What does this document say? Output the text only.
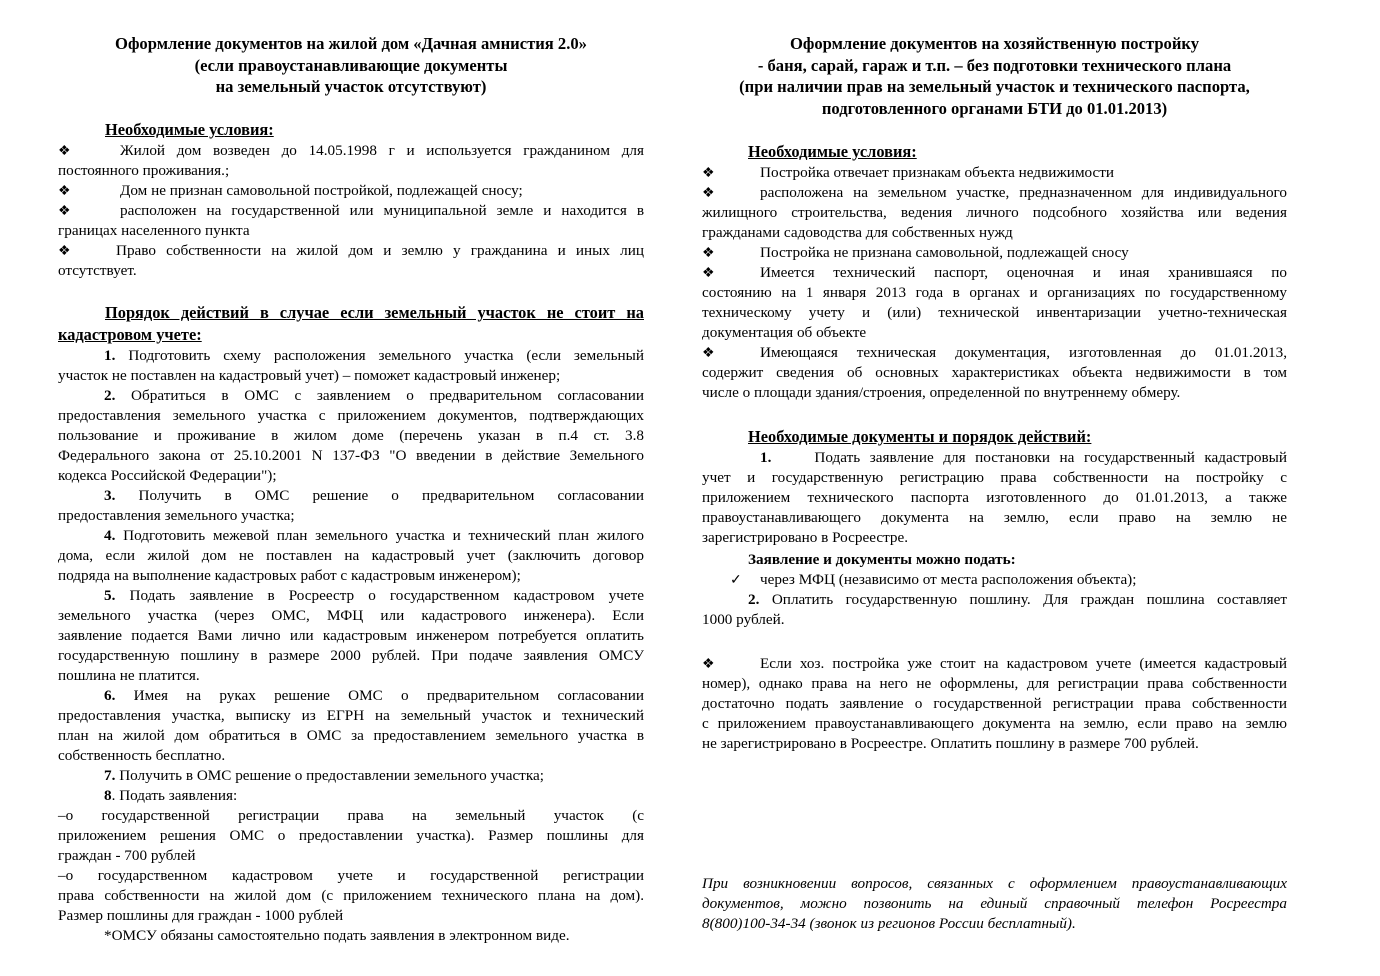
Оформление документов на жилой дом «Дачная амнистия 2.0»
(если правоустанавливающие документы
на земельный участок отсутствуют)
Необходимые условия:
❖	Жилой дом возведен до 14.05.1998 г и используется гражданином для
постоянного проживания.;
❖	Дом не признан самовольной постройкой, подлежащей сносу;
❖	расположен на государственной или муниципальной земле и находится в
границах населенного пункта
❖	Право собственности на жилой дом и землю у гражданина и иных лиц
отсутствует.
Порядок действий в случае если земельный участок не стоит на
кадастровом учете:
1. Подготовить схему расположения земельного участка (если земельный
участок не поставлен на кадастровый учет) – поможет кадастровый инженер;
2. Обратиться в ОМС с заявлением о предварительном согласовании
предоставления земельного участка с приложением документов, подтверждающих
пользование и проживание в жилом доме (перечень указан в п.4 ст. 3.8
Федерального закона от 25.10.2001 N 137-ФЗ "О введении в действие Земельного
кодекса Российской Федерации");
3. Получить в ОМС решение о предварительном согласовании
предоставления земельного участка;
4. Подготовить межевой план земельного участка и технический план жилого
дома, если жилой дом не поставлен на кадастровый учет (заключить договор
подряда на выполнение кадастровых работ с кадастровым инженером);
5. Подать заявление в Росреестр о государственном кадастровом учете
земельного участка (через ОМС, МФЦ или кадастрового инженера). Если
заявление подается Вами лично или кадастровым инженером потребуется оплатить
государственную пошлину в размере 2000 рублей. При подаче заявления ОМСУ
пошлина не платится.
6. Имея на руках решение ОМС о предварительном согласовании
предоставления участка, выписку из ЕГРН на земельный участок и технический
план на жилой дом обратиться в ОМС за предоставлением земельного участка в
собственность бесплатно.
7. Получить в ОМС решение о предоставлении земельного участка;
8. Подать заявления:
–о государственной регистрации права на земельный участок (с
приложением решения ОМС о предоставлении участка). Размер пошлины для
граждан - 700 рублей
–о государственном кадастровом учете и государственной регистрации
права собственности на жилой дом (с приложением технического плана на дом).
Размер пошлины для граждан - 1000 рублей
*ОМСУ обязаны самостоятельно подать заявления в электронном виде.
Оформление документов на хозяйственную постройку
- баня, сарай, гараж и т.п. – без подготовки технического плана
(при наличии прав на земельный участок и технического паспорта,
подготовленного органами БТИ до 01.01.2013)
Необходимые условия:
❖	Постройка отвечает признакам объекта недвижимости
❖	расположена на земельном участке, предназначенном для индивидуального
жилищного строительства, ведения личного подсобного хозяйства или ведения
гражданами садоводства для собственных нужд
❖	Постройка не признана самовольной, подлежащей сносу
❖	Имеется технический паспорт, оценочная и иная хранившаяся по
состоянию на 1 января 2013 года в органах и организациях по государственному
техническому учету и (или) технической инвентаризации учетно-техническая
документация об объекте
❖	Имеющаяся техническая документация, изготовленная до 01.01.2013,
содержит сведения об основных характеристиках объекта недвижимости в том
числе о площади здания/строения, определенной по внутреннему обмеру.
Необходимые документы и порядок действий:
1.	Подать заявление для постановки на государственный кадастровый
учет и государственную регистрацию права собственности на постройку с
приложением технического паспорта изготовленного до 01.01.2013, а также
правоустанавливающего документа на землю, если право на землю не
зарегистрировано в Росреестре.
Заявление и документы можно подать:
✓ через МФЦ (независимо от места расположения объекта);
2. Оплатить государственную пошлину. Для граждан пошлина составляет
1000 рублей.
❖	Если хоз. постройка уже стоит на кадастровом учете (имеется кадастровый
номер), однако права на него не оформлены, для регистрации права собственности
достаточно подать заявление о государственной регистрации права собственности
с приложением правоустанавливающего документа на землю, если право на землю
не зарегистрировано в Росреестре. Оплатить пошлину в размере 700 рублей.
При возникновении вопросов, связанных с оформлением правоустанавливающих
документов, можно позвонить на единый справочный телефон Росреестра
8(800)100-34-34 (звонок из регионов России бесплатный).
